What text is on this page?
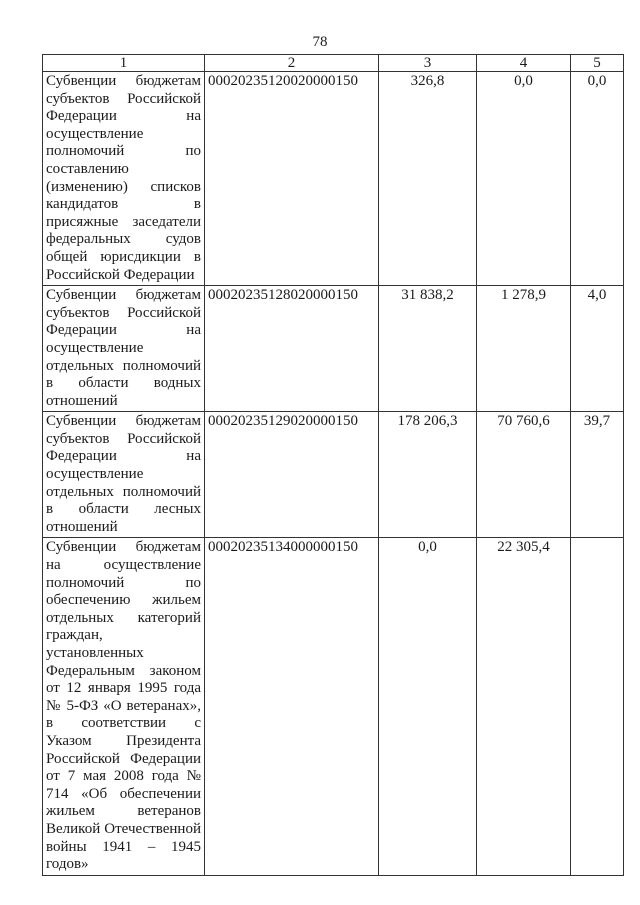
78
1	2	3	4	5
Субвенции бюджетам субъектов Российской Федерации на осуществление полномочий по составлению (изменению) списков кандидатов в присяжные заседатели федеральных судов общей юрисдикции в Российской Федерации	00020235120020000150	326,8	0,0	0,0
Субвенции бюджетам субъектов Российской Федерации на осуществление отдельных полномочий в области водных отношений	00020235128020000150	31 838,2	1 278,9	4,0
Субвенции бюджетам субъектов Российской Федерации на осуществление отдельных полномочий в области лесных отношений	00020235129020000150	178 206,3	70 760,6	39,7
Субвенции бюджетам на осуществление полномочий по обеспечению жильем отдельных категорий граждан, установленных Федеральным законом от 12 января 1995 года № 5-ФЗ «О ветеранах», в соответствии с Указом Президента Российской Федерации от 7 мая 2008 года № 714 «Об обеспечении жильем ветеранов Великой Отечественной войны 1941 – 1945 годов»	00020235134000000150	0,0	22 305,4	
